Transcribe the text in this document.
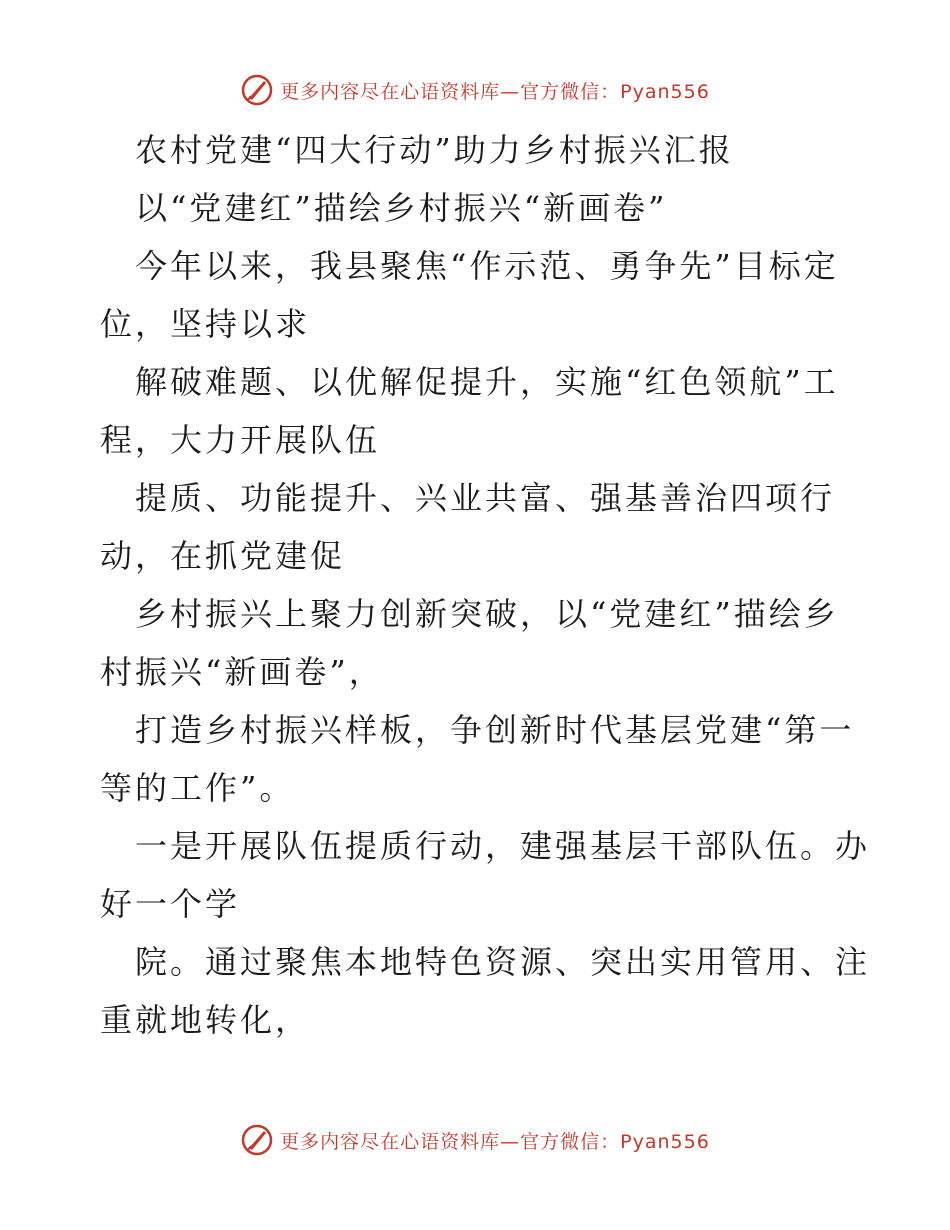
更多内容尽在心语资料库—官方微信：Pyan556
农村党建“四大行动”助力乡村振兴汇报
以“党建红”描绘乡村振兴“新画卷”
今年以来，我县聚焦“作示范、勇争先”目标定
位，坚持以求
解破难题、以优解促提升，实施“红色领航”工
程，大力开展队伍
提质、功能提升、兴业共富、强基善治四项行
动，在抓党建促
乡村振兴上聚力创新突破，以“党建红”描绘乡
村振兴“新画卷”，
打造乡村振兴样板，争创新时代基层党建“第一
等的工作”。
一是开展队伍提质行动，建强基层干部队伍。办
好一个学
院。通过聚焦本地特色资源、突出实用管用、注
重就地转化，
更多内容尽在心语资料库—官方微信：Pyan556
